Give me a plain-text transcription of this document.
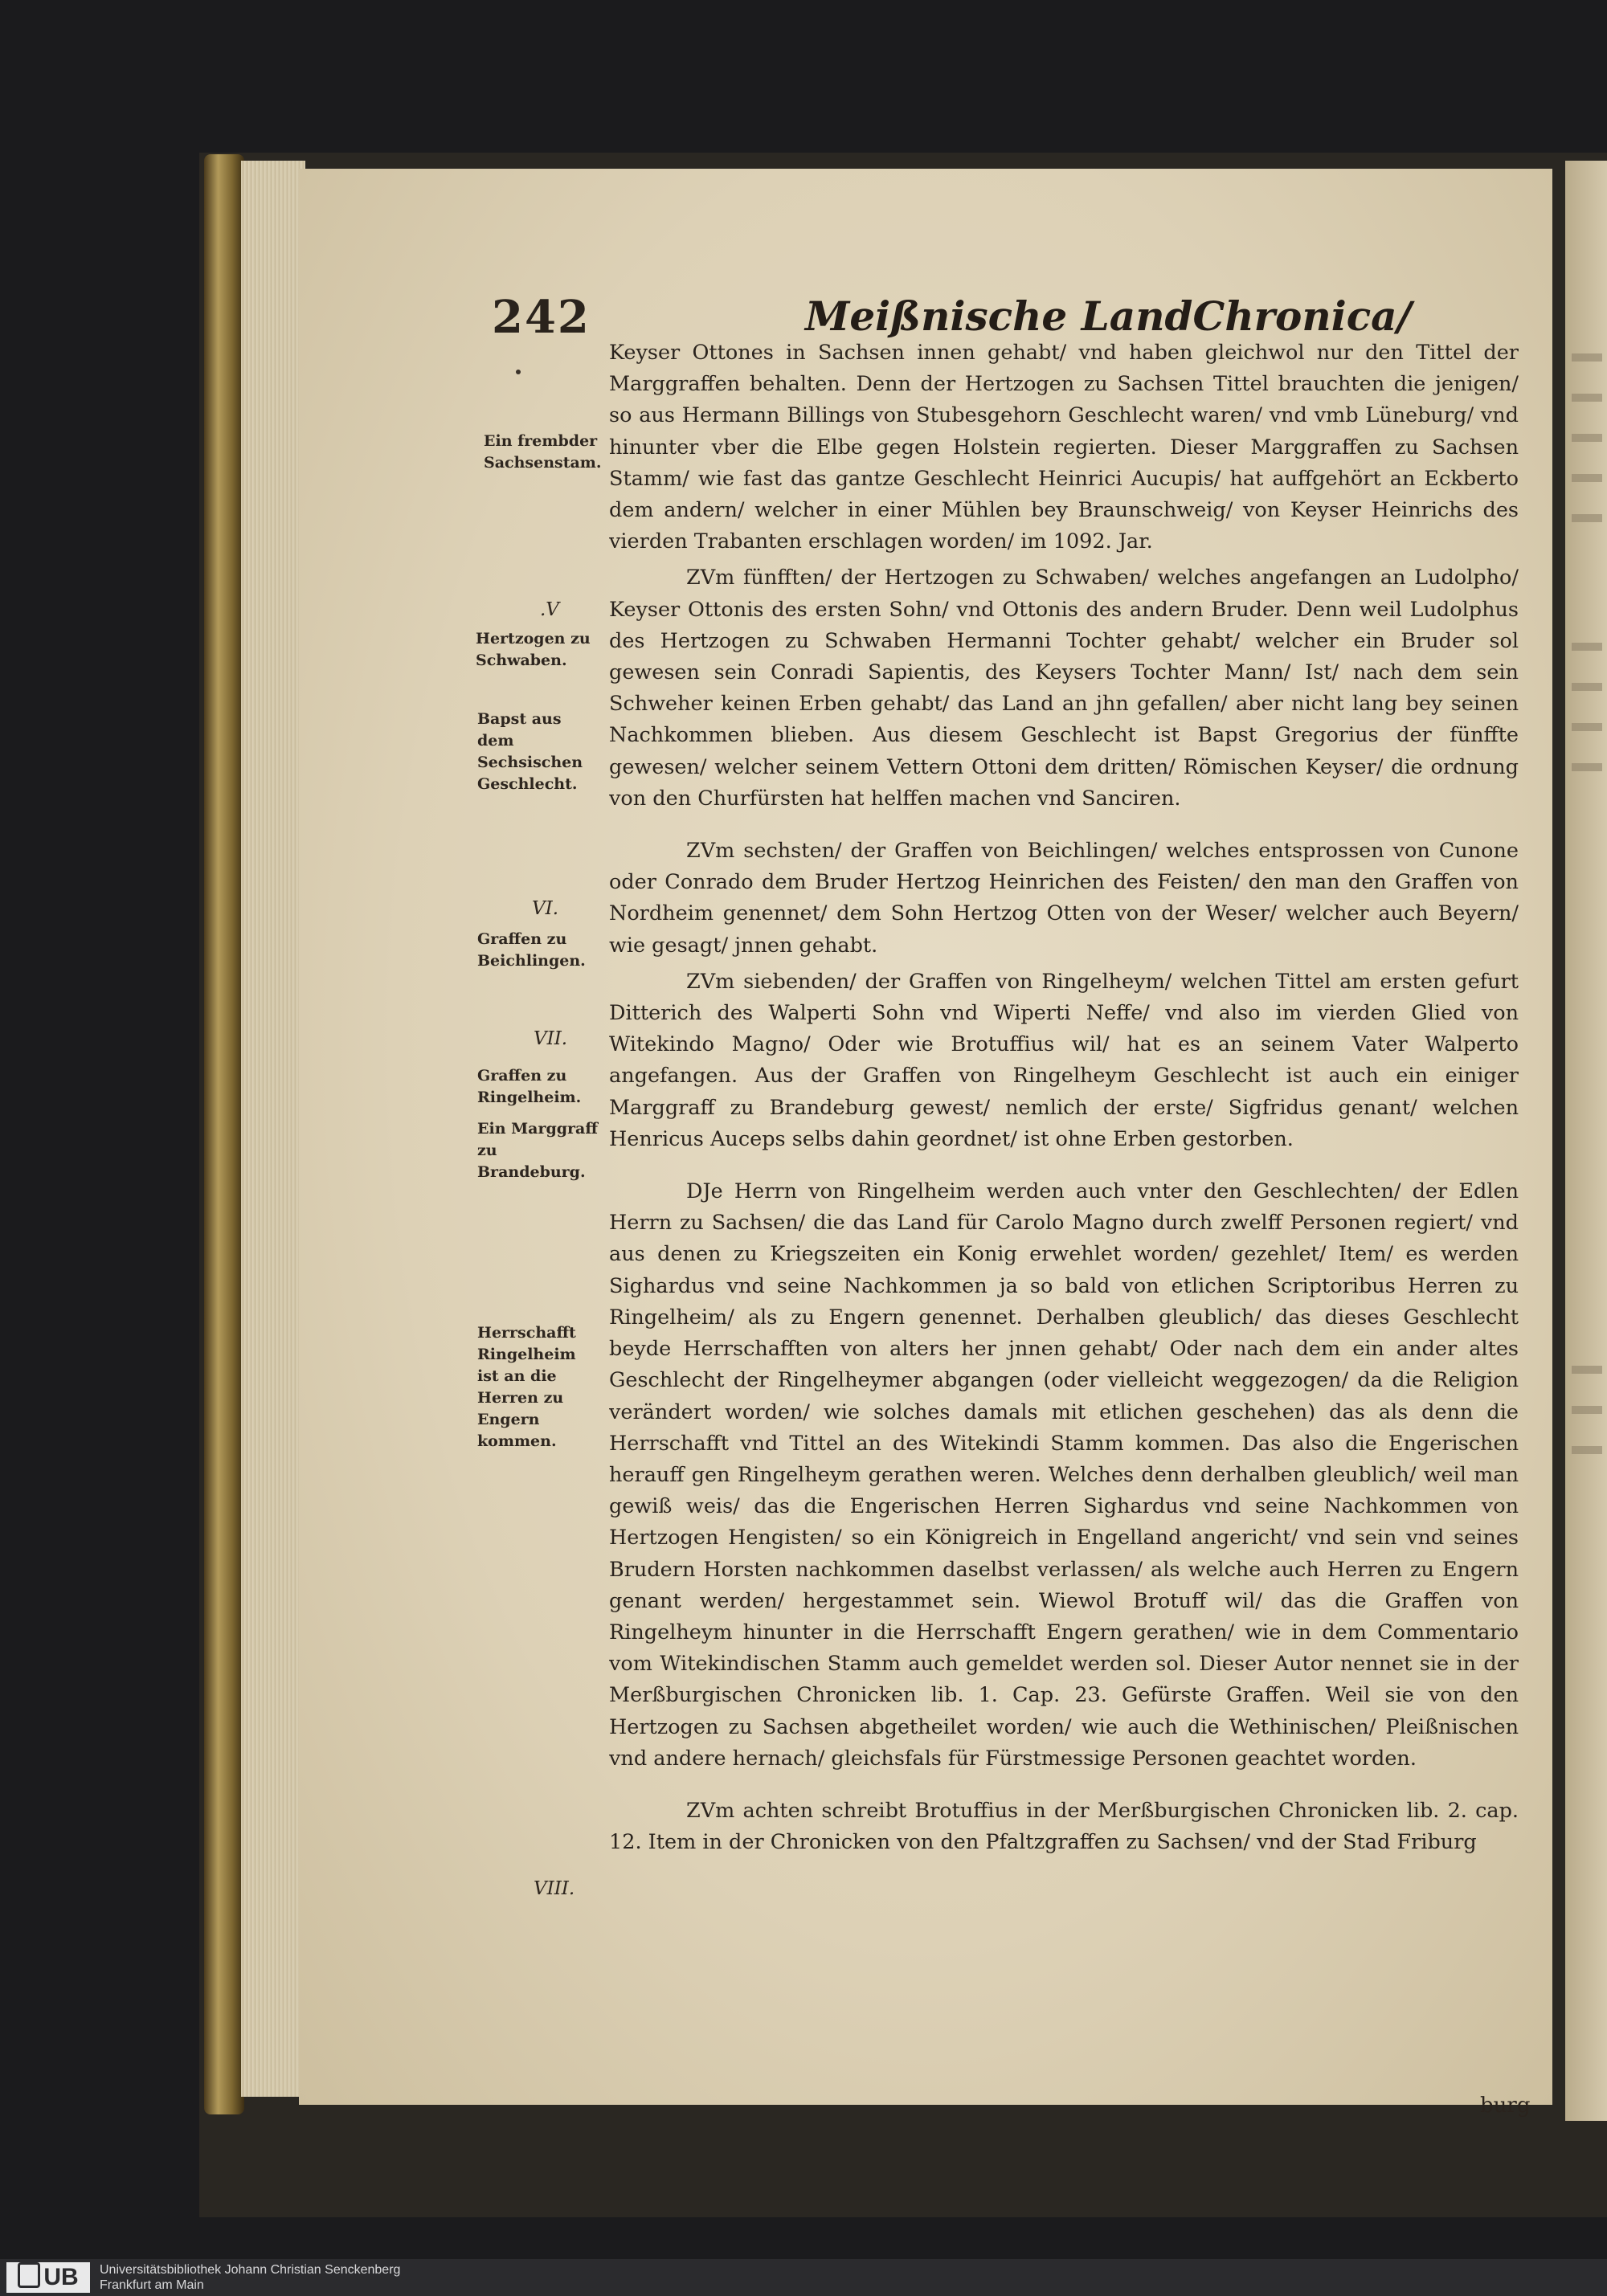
242	Meißnische LandChronica/
Ein frembder Sachsenstam.
.V
Hertzogen zu Schwaben.
Bapst aus dem Sechsischen Geschlecht.
VI.
Graffen zu Beichlingen.
VII.
Graffen zu Ringelheim.
Ein Marggraff zu Brandeburg.
Herrschafft Ringelheim ist an die Herren zu Engern kommen.
VIII.

Keyser Ottones in Sachsen innen gehabt/ vnd haben gleichwol nur den Tittel der Marggraffen behalten. Denn der Hertzogen zu Sachsen Tittel brauchten die jenigen/ so aus Hermann Billings von Stubesgehorn Geschlecht waren/ vnd vmb Lüneburg/ vnd hinunter vber die Elbe gegen Holstein regierten. Dieser Marggraffen zu Sachsen Stamm/ wie fast das gantze Geschlecht Heinrici Aucupis/ hat auffgehört an Eckberto dem andern/ welcher in einer Mühlen bey Braunschweig/ von Keyser Heinrichs des vierden Trabanten erschlagen worden/ im 1092. Jar.

ZVm fünfften/ der Hertzogen zu Schwaben/ welches angefangen an Ludolpho/ Keyser Ottonis des ersten Sohn/ vnd Ottonis des andern Bruder. Denn weil Ludolphus des Hertzogen zu Schwaben Hermanni Tochter gehabt/ welcher ein Bruder sol gewesen sein Conradi Sapientis, des Keysers Tochter Mann/ Ist/ nach dem sein Schweher keinen Erben gehabt/ das Land an jhn gefallen/ aber nicht lang bey seinen Nachkommen blieben. Aus diesem Geschlecht ist Bapst Gregorius der fünffte gewesen/ welcher seinem Vettern Ottoni dem dritten/ Römischen Keyser/ die ordnung von den Churfürsten hat helffen machen vnd Sanciren.

ZVm sechsten/ der Graffen von Beichlingen/ welches entsprossen von Cunone oder Conrado dem Bruder Hertzog Heinrichen des Feisten/ den man den Graffen von Nordheim genennet/ dem Sohn Hertzog Otten von der Weser/ welcher auch Beyern/ wie gesagt/ jnnen gehabt.

ZVm siebenden/ der Graffen von Ringelheym/ welchen Tittel am ersten gefurt Ditterich des Walperti Sohn vnd Wiperti Neffe/ vnd also im vierden Glied von Witekindo Magno/ Oder wie Brotuffius wil/ hat es an seinem Vater Walperto angefangen. Aus der Graffen von Ringelheym Geschlecht ist auch ein einiger Marggraff zu Brandeburg gewest/ nemlich der erste/ Sigfridus genant/ welchen Henricus Auceps selbs dahin geordnet/ ist ohne Erben gestorben.

DJe Herrn von Ringelheim werden auch vnter den Geschlechten/ der Edlen Herrn zu Sachsen/ die das Land für Carolo Magno durch zwelff Personen regiert/ vnd aus denen zu Kriegszeiten ein Konig erwehlet worden/ gezehlet/ Item/ es werden Sighardus vnd seine Nachkommen ja so bald von etlichen Scriptoribus Herren zu Ringelheim/ als zu Engern genennet. Derhalben gleublich/ das dieses Geschlecht beyde Herrschafften von alters her jnnen gehabt/ Oder nach dem ein ander altes Geschlecht der Ringelheymer abgangen (oder vielleicht weggezogen/ da die Religion verändert worden/ wie solches damals mit etlichen geschehen) das als denn die Herrschafft vnd Tittel an des Witekindi Stamm kommen. Das also die Engerischen herauff gen Ringelheym gerathen weren. Welches denn derhalben gleublich/ weil man gewiß weis/ das die Engerischen Herren Sighardus vnd seine Nachkommen von Hertzogen Hengisten/ so ein Königreich in Engelland angericht/ vnd sein vnd seines Brudern Horsten nachkommen daselbst verlassen/ als welche auch Herren zu Engern genant werden/ hergestammet sein. Wiewol Brotuff wil/ das die Graffen von Ringelheym hinunter in die Herrschafft Engern gerathen/ wie in dem Commentario vom Witekindischen Stamm auch gemeldet werden sol. Dieser Autor nennet sie in der Merßburgischen Chronicken lib. 1. Cap. 23. Gefürste Graffen. Weil sie von den Hertzogen zu Sachsen abgetheilet worden/ wie auch die Wethinischen/ Pleißnischen vnd andere hernach/ gleichsfals für Fürstmessige Personen geachtet worden.

ZVm achten schreibt Brotuffius in der Merßburgischen Chronicken lib. 2. cap. 12. Item in der Chronicken von den Pfaltzgraffen zu Sachsen/ vnd der Stad Friburg

burg
UB	Universitätsbibliothek Johann Christian Senckenberg
Frankfurt am Main
